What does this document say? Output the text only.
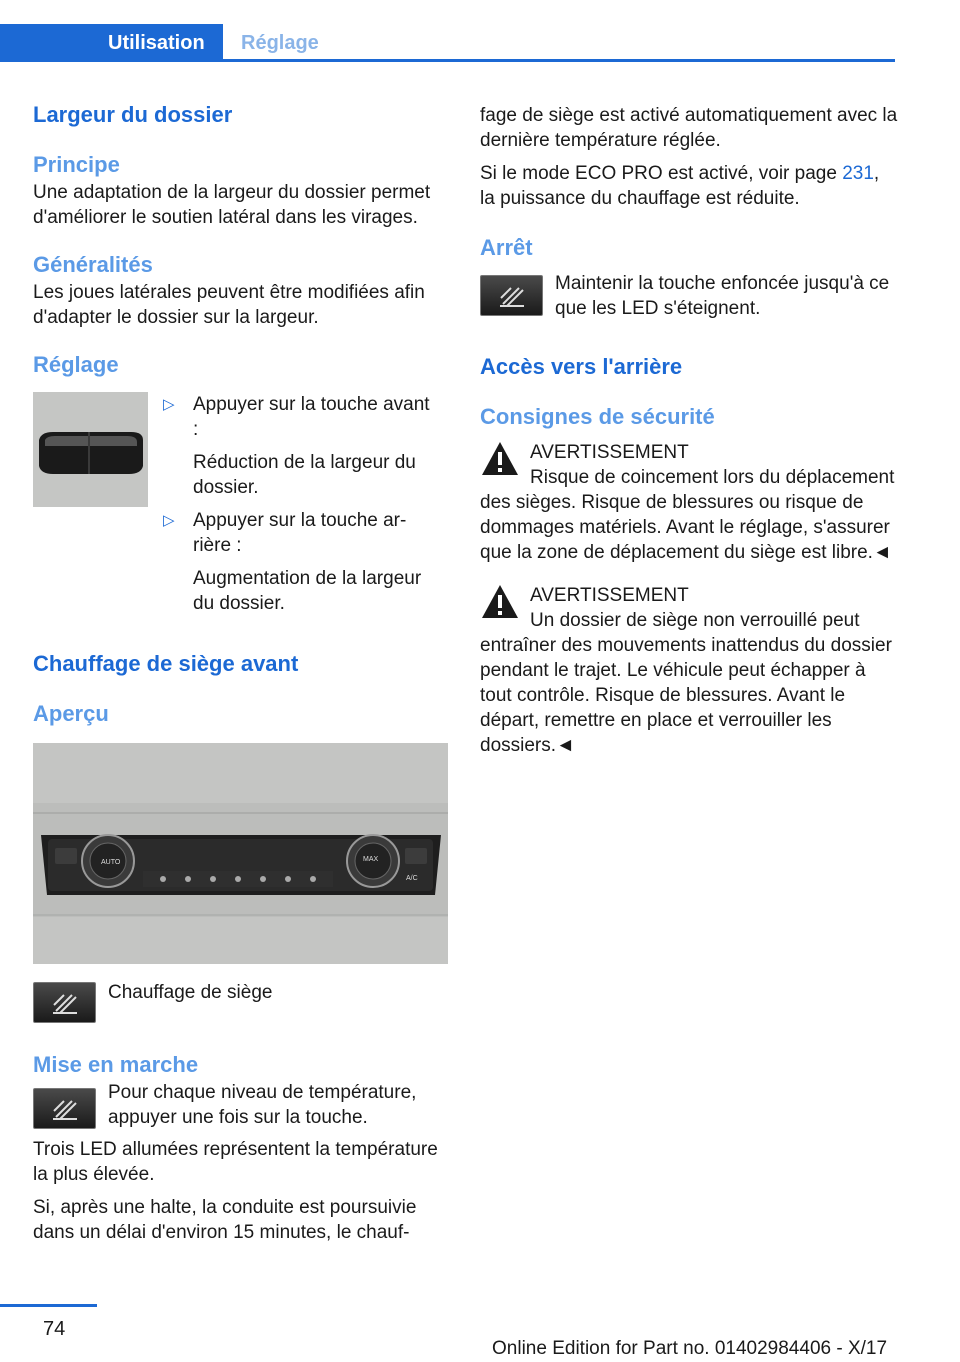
Utilisation	Réglage
Largeur du dossier
Principe
Une adaptation de la largeur du dossier permet d'améliorer le soutien latéral dans les virages.
Généralités
Les joues latérales peuvent être modifiées afin d'adapter le dossier sur la largeur.
Réglage
▷ Appuyer sur la touche avant :
Réduction de la largeur du dossier.
▷ Appuyer sur la touche arrière :
Augmentation de la largeur du dossier.
Chauffage de siège avant
Aperçu
AUTO	MAX
A/C
Chauffage de siège
Mise en marche
Pour chaque niveau de température, appuyer une fois sur la touche.
Trois LED allumées représentent la température la plus élevée.
Si, après une halte, la conduite est poursuivie dans un délai d'environ 15 minutes, le chauf-
fage de siège est activé automatiquement avec la dernière température réglée.
Si le mode ECO PRO est activé, voir page 231, la puissance du chauffage est réduite.
Arrêt
Maintenir la touche enfoncée jusqu'à ce que les LED s'éteignent.
Accès vers l'arrière
Consignes de sécurité
AVERTISSEMENT
Risque de coincement lors du déplacement des sièges. Risque de blessures ou risque de dommages matériels. Avant le réglage, s'assurer que la zone de déplacement du siège est libre.◄
AVERTISSEMENT
Un dossier de siège non verrouillé peut entraîner des mouvements inattendus du dossier pendant le trajet. Le véhicule peut échapper à tout contrôle. Risque de blessures. Avant le départ, remettre en place et verrouiller les dossiers.◄
74
Online Edition for Part no. 01402984406 - X/17
